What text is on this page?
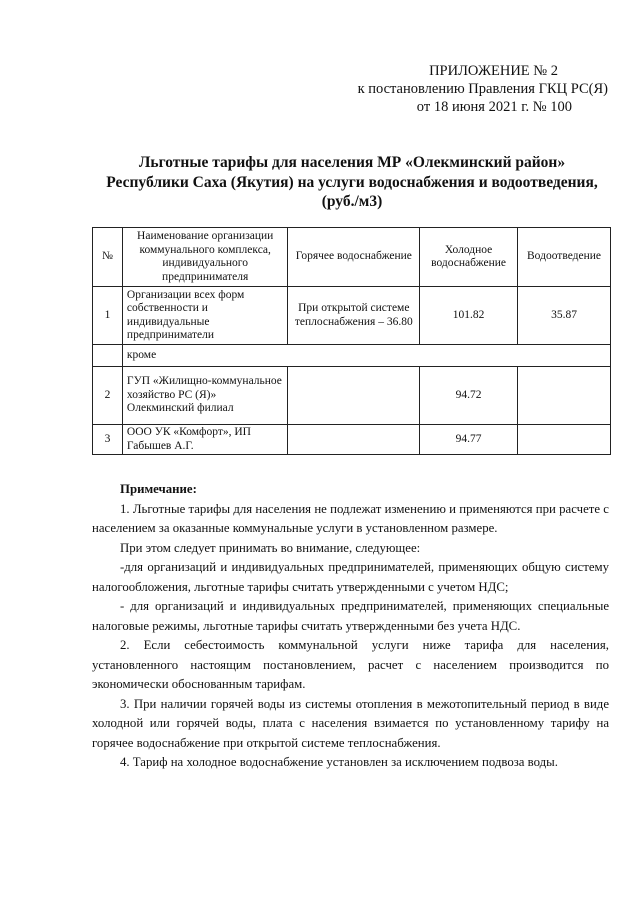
ПРИЛОЖЕНИЕ № 2
к постановлению Правления ГКЦ РС(Я)
от 18 июня 2021 г. № 100
Льготные тарифы для населения МР «Олекминский район»
Республики Саха (Якутия) на услуги водоснабжения и водоотведения,
(руб./м3)
№	Наименование организации коммунального комплекса, индивидуального предпринимателя	Горячее водоснабжение	Холодное водоснабжение	Водоотведение
1	Организации всех форм собственности и индивидуальные предприниматели	При открытой системе теплоснабжения – 36.80	101.82	35.87
	кроме			
2	ГУП «Жилищно-коммунальное хозяйство РС (Я)» Олекминский филиал		94.72	
3	ООО УК «Комфорт», ИП Габышев А.Г.		94.77	

Примечание:

1. Льготные тарифы для населения не подлежат изменению и применяются при расчете с населением за оказанные коммунальные услуги в установленном размере.

При этом следует принимать во внимание, следующее:

-для организаций и индивидуальных предпринимателей, применяющих общую систему налогообложения, льготные тарифы считать утвержденными с учетом НДС;

- для организаций и индивидуальных предпринимателей, применяющих специальные налоговые режимы, льготные тарифы считать утвержденными без учета НДС.

2. Если себестоимость коммунальной услуги ниже тарифа для населения, установленного настоящим постановлением, расчет с населением производится по экономически обоснованным тарифам.

3. При наличии горячей воды из системы отопления в межотопительный период в виде холодной или горячей воды, плата с населения взимается по установленному тарифу на горячее водоснабжение при открытой системе теплоснабжения.

4. Тариф на холодное водоснабжение установлен за исключением подвоза воды.
